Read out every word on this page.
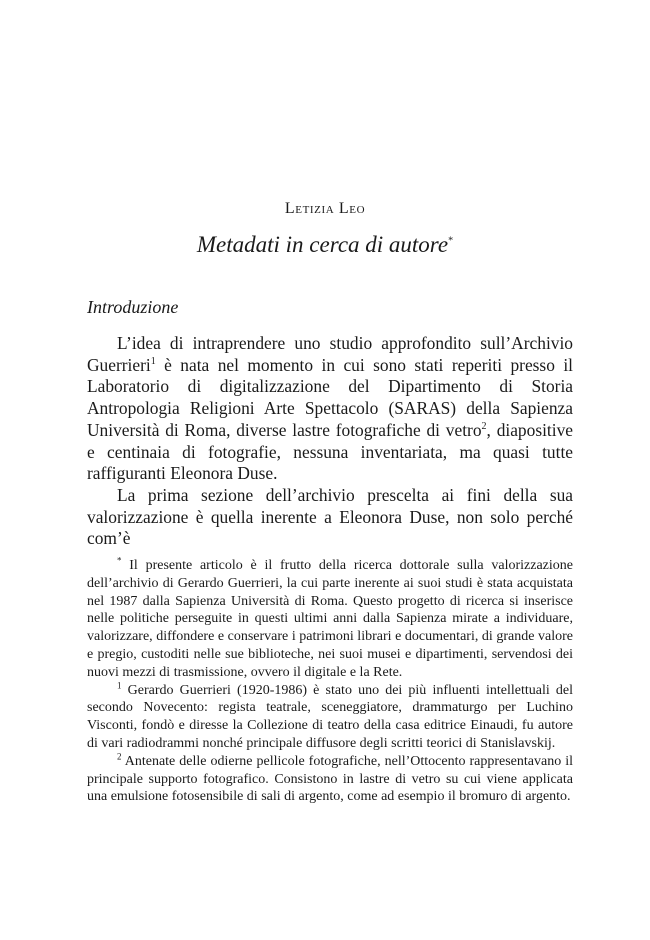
Letizia Leo
Metadati in cerca di autore*
Introduzione

L’idea di intraprendere uno studio approfondito sull’Archivio Guerrieri$^1$ è nata nel momento in cui sono stati reperiti presso il Laboratorio di digitalizzazione del Dipartimento di Storia Antropologia Religioni Arte Spettacolo (SARAS) della Sapienza Università di Roma, diverse lastre fotografiche di vetro$^2$, diapositive e centinaia di fotografie, nessuna inventariata, ma quasi tutte raffiguranti Eleonora Duse.

La prima sezione dell’archivio prescelta ai fini della sua valorizzazione è quella inerente a Eleonora Duse, non solo perché com’è

* Il presente articolo è il frutto della ricerca dottorale sulla valorizzazione dell’archivio di Gerardo Guerrieri, la cui parte inerente ai suoi studi è stata acquistata nel 1987 dalla Sapienza Università di Roma. Questo progetto di ricerca si inserisce nelle politiche perseguite in questi ultimi anni dalla Sapienza mirate a individuare, valorizzare, diffondere e conservare i patrimoni librari e documentari, di grande valore e pregio, custoditi nelle sue biblioteche, nei suoi musei e dipartimenti, servendosi dei nuovi mezzi di trasmissione, ovvero il digitale e la Rete.

$^1$ Gerardo Guerrieri (1920-1986) è stato uno dei più influenti intellettuali del secondo Novecento: regista teatrale, sceneggiatore, drammaturgo per Luchino Visconti, fondò e diresse la Collezione di teatro della casa editrice Einaudi, fu autore di vari radiodrammi nonché principale diffusore degli scritti teorici di Stanislavskij.

$^2$ Antenate delle odierne pellicole fotografiche, nell’Ottocento rappresentavano il principale supporto fotografico. Consistono in lastre di vetro su cui viene applicata una emulsione fotosensibile di sali di argento, come ad esempio il bromuro di argento.
